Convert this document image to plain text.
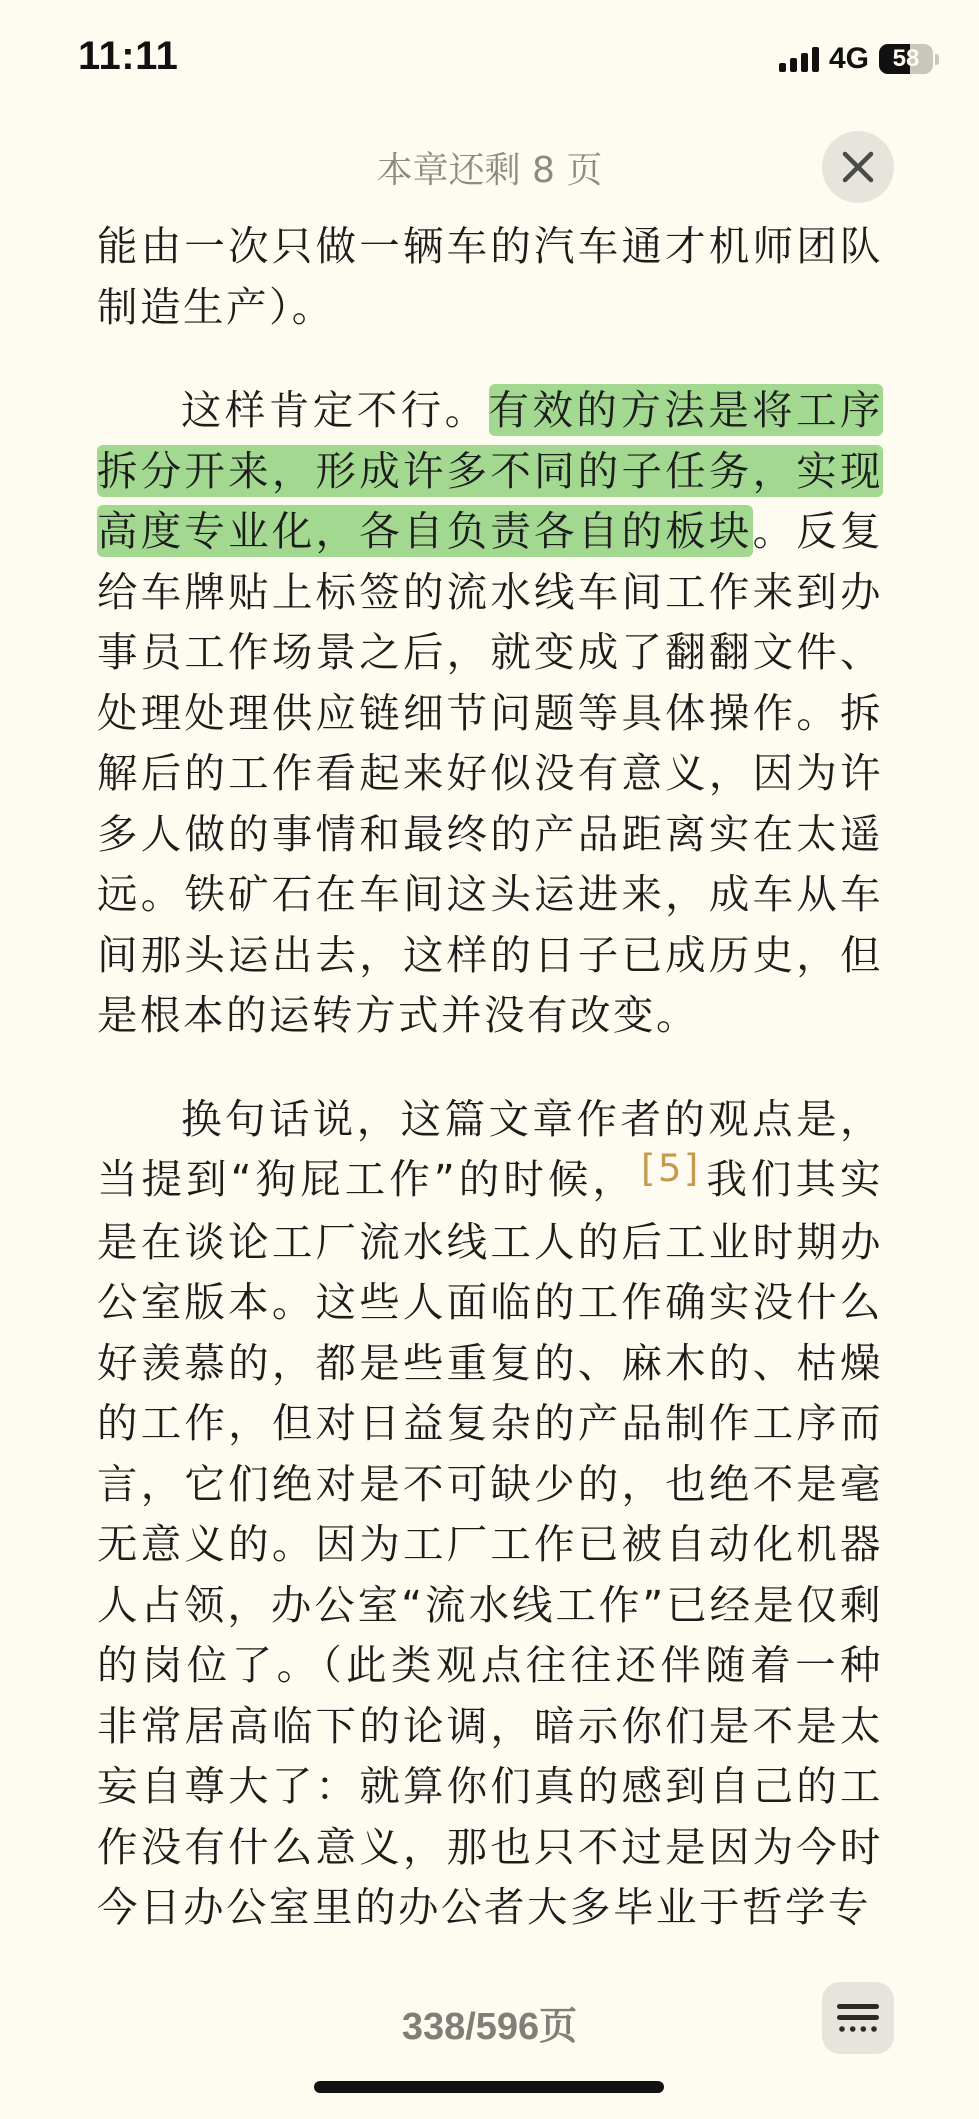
11:11	4G 58
本章还剩 8 页

能由一次只做一辆车的汽车通才机师团队制造生产）。

这样肯定不行。有效的方法是将工序拆分开来，形成许多不同的子任务，实现高度专业化，各自负责各自的板块。反复给车牌贴上标签的流水线车间工作来到办事员工作场景之后，就变成了翻翻文件、处理处理供应链细节问题等具体操作。拆解后的工作看起来好似没有意义，因为许多人做的事情和最终的产品距离实在太遥远。铁矿石在车间这头运进来，成车从车间那头运出去，这样的日子已成历史，但是根本的运转方式并没有改变。

换句话说，这篇文章作者的观点是，当提到“狗屁工作”的时候， [5]我们其实是在谈论工厂流水线工人的后工业时期办公室版本。这些人面临的工作确实没什么好羡慕的，都是些重复的、麻木的、枯燥的工作，但对日益复杂的产品制作工序而言，它们绝对是不可缺少的，也绝不是毫无意义的。因为工厂工作已被自动化机器人占领，办公室“流水线工作”已经是仅剩的岗位了。（此类观点往往还伴随着一种非常居高临下的论调，暗示你们是不是太妄自尊大了：就算你们真的感到自己的工作没有什么意义，那也只不过是因为今时今日办公室里的办公者大多毕业于哲学专

338/596页
